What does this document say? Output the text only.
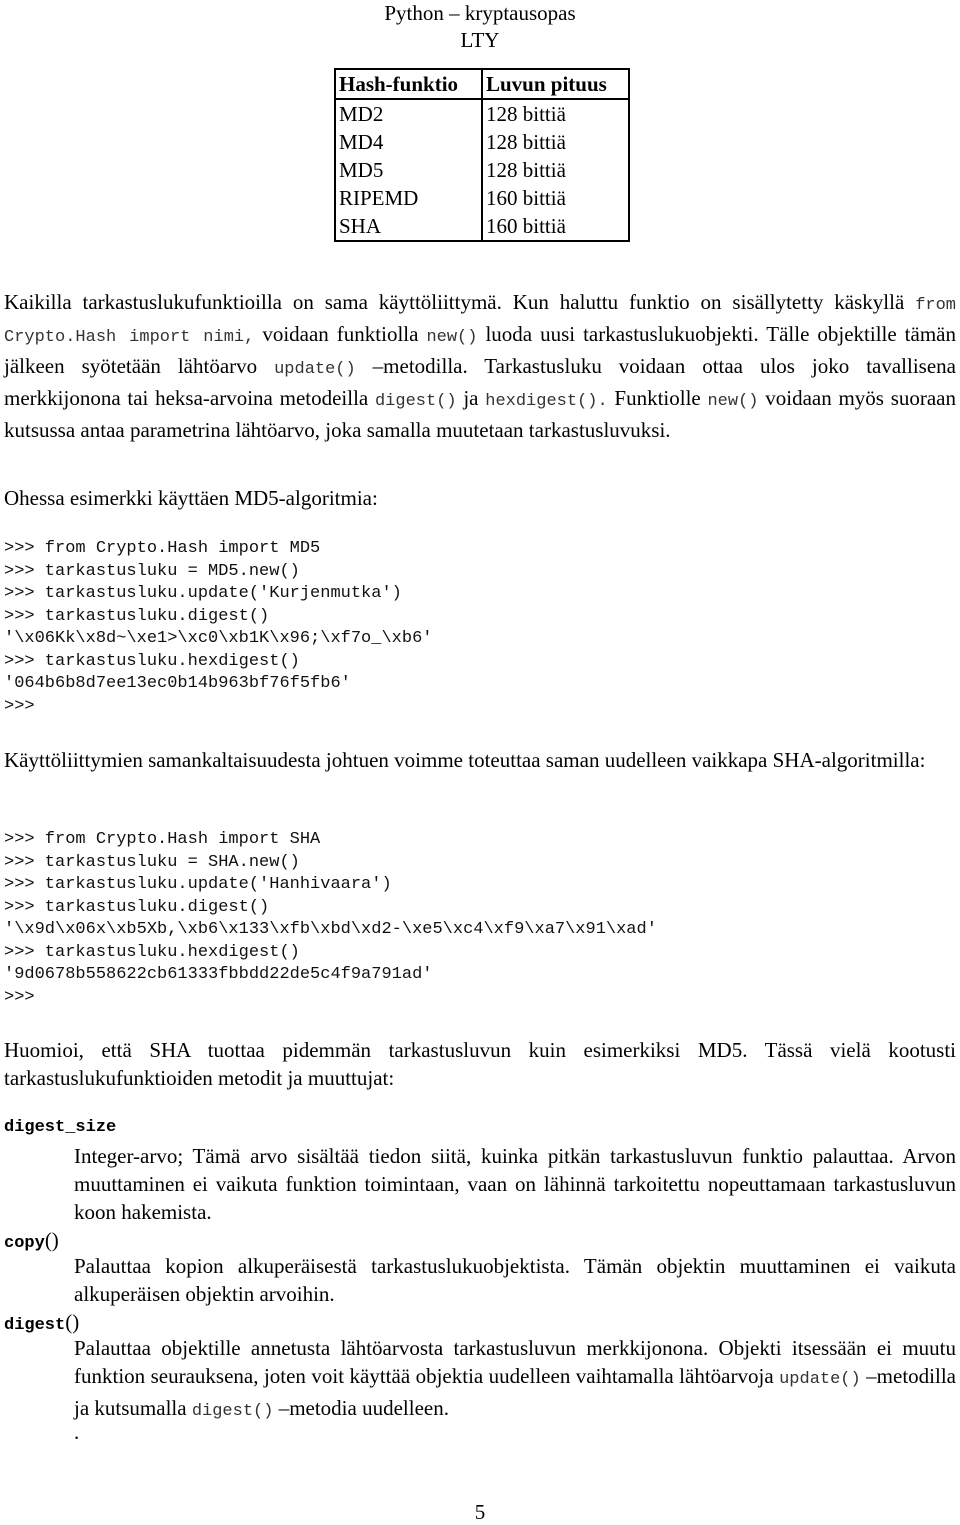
Python – kryptausopas
LTY
Hash-funktio	Luvun pituus
MD2	128 bittiä
MD4	128 bittiä
MD5	128 bittiä
RIPEMD	160 bittiä
SHA	160 bittiä
Kaikilla tarkastuslukufunktioilla on sama käyttöliittymä. Kun haluttu funktio on sisällytetty käskyllä from Crypto.Hash import nimi, voidaan funktiolla new() luoda uusi tarkastuslukuobjekti. Tälle objektille tämän jälkeen syötetään lähtöarvo update() –metodilla. Tarkastusluku voidaan ottaa ulos joko tavallisena merkkijonona tai heksa-arvoina metodeilla digest() ja hexdigest(). Funktiolle new() voidaan myös suoraan kutsussa antaa parametrina lähtöarvo, joka samalla muutetaan tarkastusluvuksi.
Ohessa esimerkki käyttäen MD5-algoritmia:
>>> from Crypto.Hash import MD5
>>> tarkastusluku = MD5.new()
>>> tarkastusluku.update('Kurjenmutka')
>>> tarkastusluku.digest()
'\x06Kk\x8d~\xe1>\xc0\xb1K\x96;\xf7o_\xb6'
>>> tarkastusluku.hexdigest()
'064b6b8d7ee13ec0b14b963bf76f5fb6'
>>>
Käyttöliittymien samankaltaisuudesta johtuen voimme toteuttaa saman uudelleen vaikkapa SHA-algoritmilla:
>>> from Crypto.Hash import SHA
>>> tarkastusluku = SHA.new()
>>> tarkastusluku.update('Hanhivaara')
>>> tarkastusluku.digest()
'\x9d\x06x\xb5Xb,\xb6\x133\xfb\xbd\xd2-\xe5\xc4\xf9\xa7\x91\xad'
>>> tarkastusluku.hexdigest()
'9d0678b558622cb61333fbbdd22de5c4f9a791ad'
>>>
Huomioi, että SHA tuottaa pidemmän tarkastusluvun kuin esimerkiksi MD5. Tässä vielä kootusti tarkastuslukufunktioiden metodit ja muuttujat:
digest_size
Integer-arvo; Tämä arvo sisältää tiedon siitä, kuinka pitkän tarkastusluvun funktio palauttaa. Arvon muuttaminen ei vaikuta funktion toimintaan, vaan on lähinnä tarkoitettu nopeuttamaan tarkastusluvun koon hakemista.
copy()
Palauttaa kopion alkuperäisestä tarkastuslukuobjektista. Tämän objektin muuttaminen ei vaikuta alkuperäisen objektin arvoihin.
digest()
Palauttaa objektille annetusta lähtöarvosta tarkastusluvun merkkijonona. Objekti itsessään ei muutu funktion seurauksena, joten voit käyttää objektia uudelleen vaihtamalla lähtöarvoja update() –metodilla ja kutsumalla digest() –metodia uudelleen.
.
5
